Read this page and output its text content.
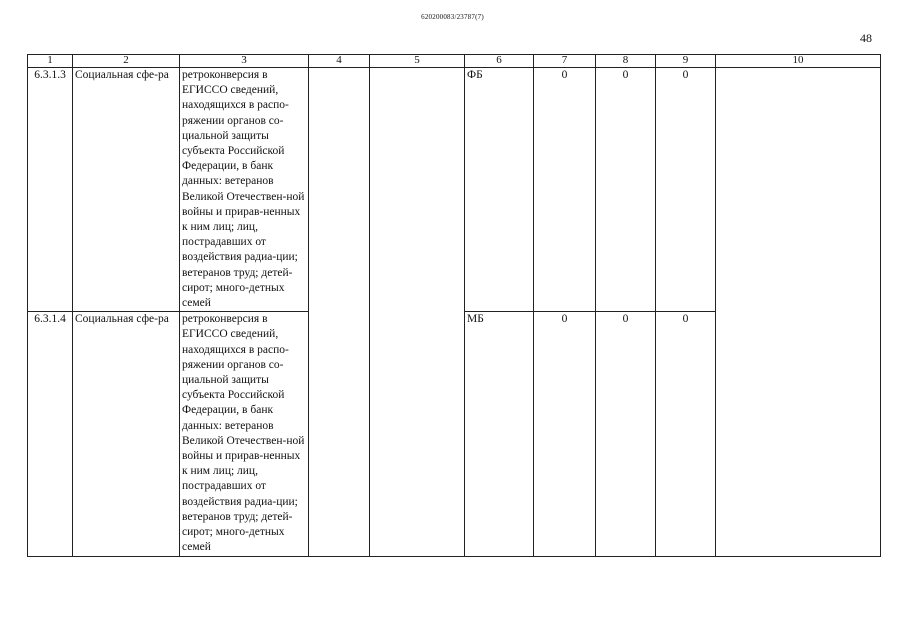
620200083/23787(7)
48
1	2	3	4	5	6	7	8	9	10
6.3.1.3	Социальная сфе-ра	ретроконверсия в ЕГИССО сведений, находящихся в распо-ряжении органов со-циальной защиты субъекта Российской Федерации, в банк данных: ветеранов Великой Отечествен-ной войны и прирав-ненных к ним лиц; лиц, пострадавших от воздействия радиа-ции; ветеранов труд; детей-сирот; много-детных семей			ФБ	0	0	0	
6.3.1.4	Социальная сфе-ра	ретроконверсия в ЕГИССО сведений, находящихся в распо-ряжении органов со-циальной защиты субъекта Российской Федерации, в банк данных: ветеранов Великой Отечествен-ной войны и прирав-ненных к ним лиц; лиц, пострадавших от воздействия радиа-ции; ветеранов труд; детей-сирот; много-детных семей			МБ	0	0	0	
